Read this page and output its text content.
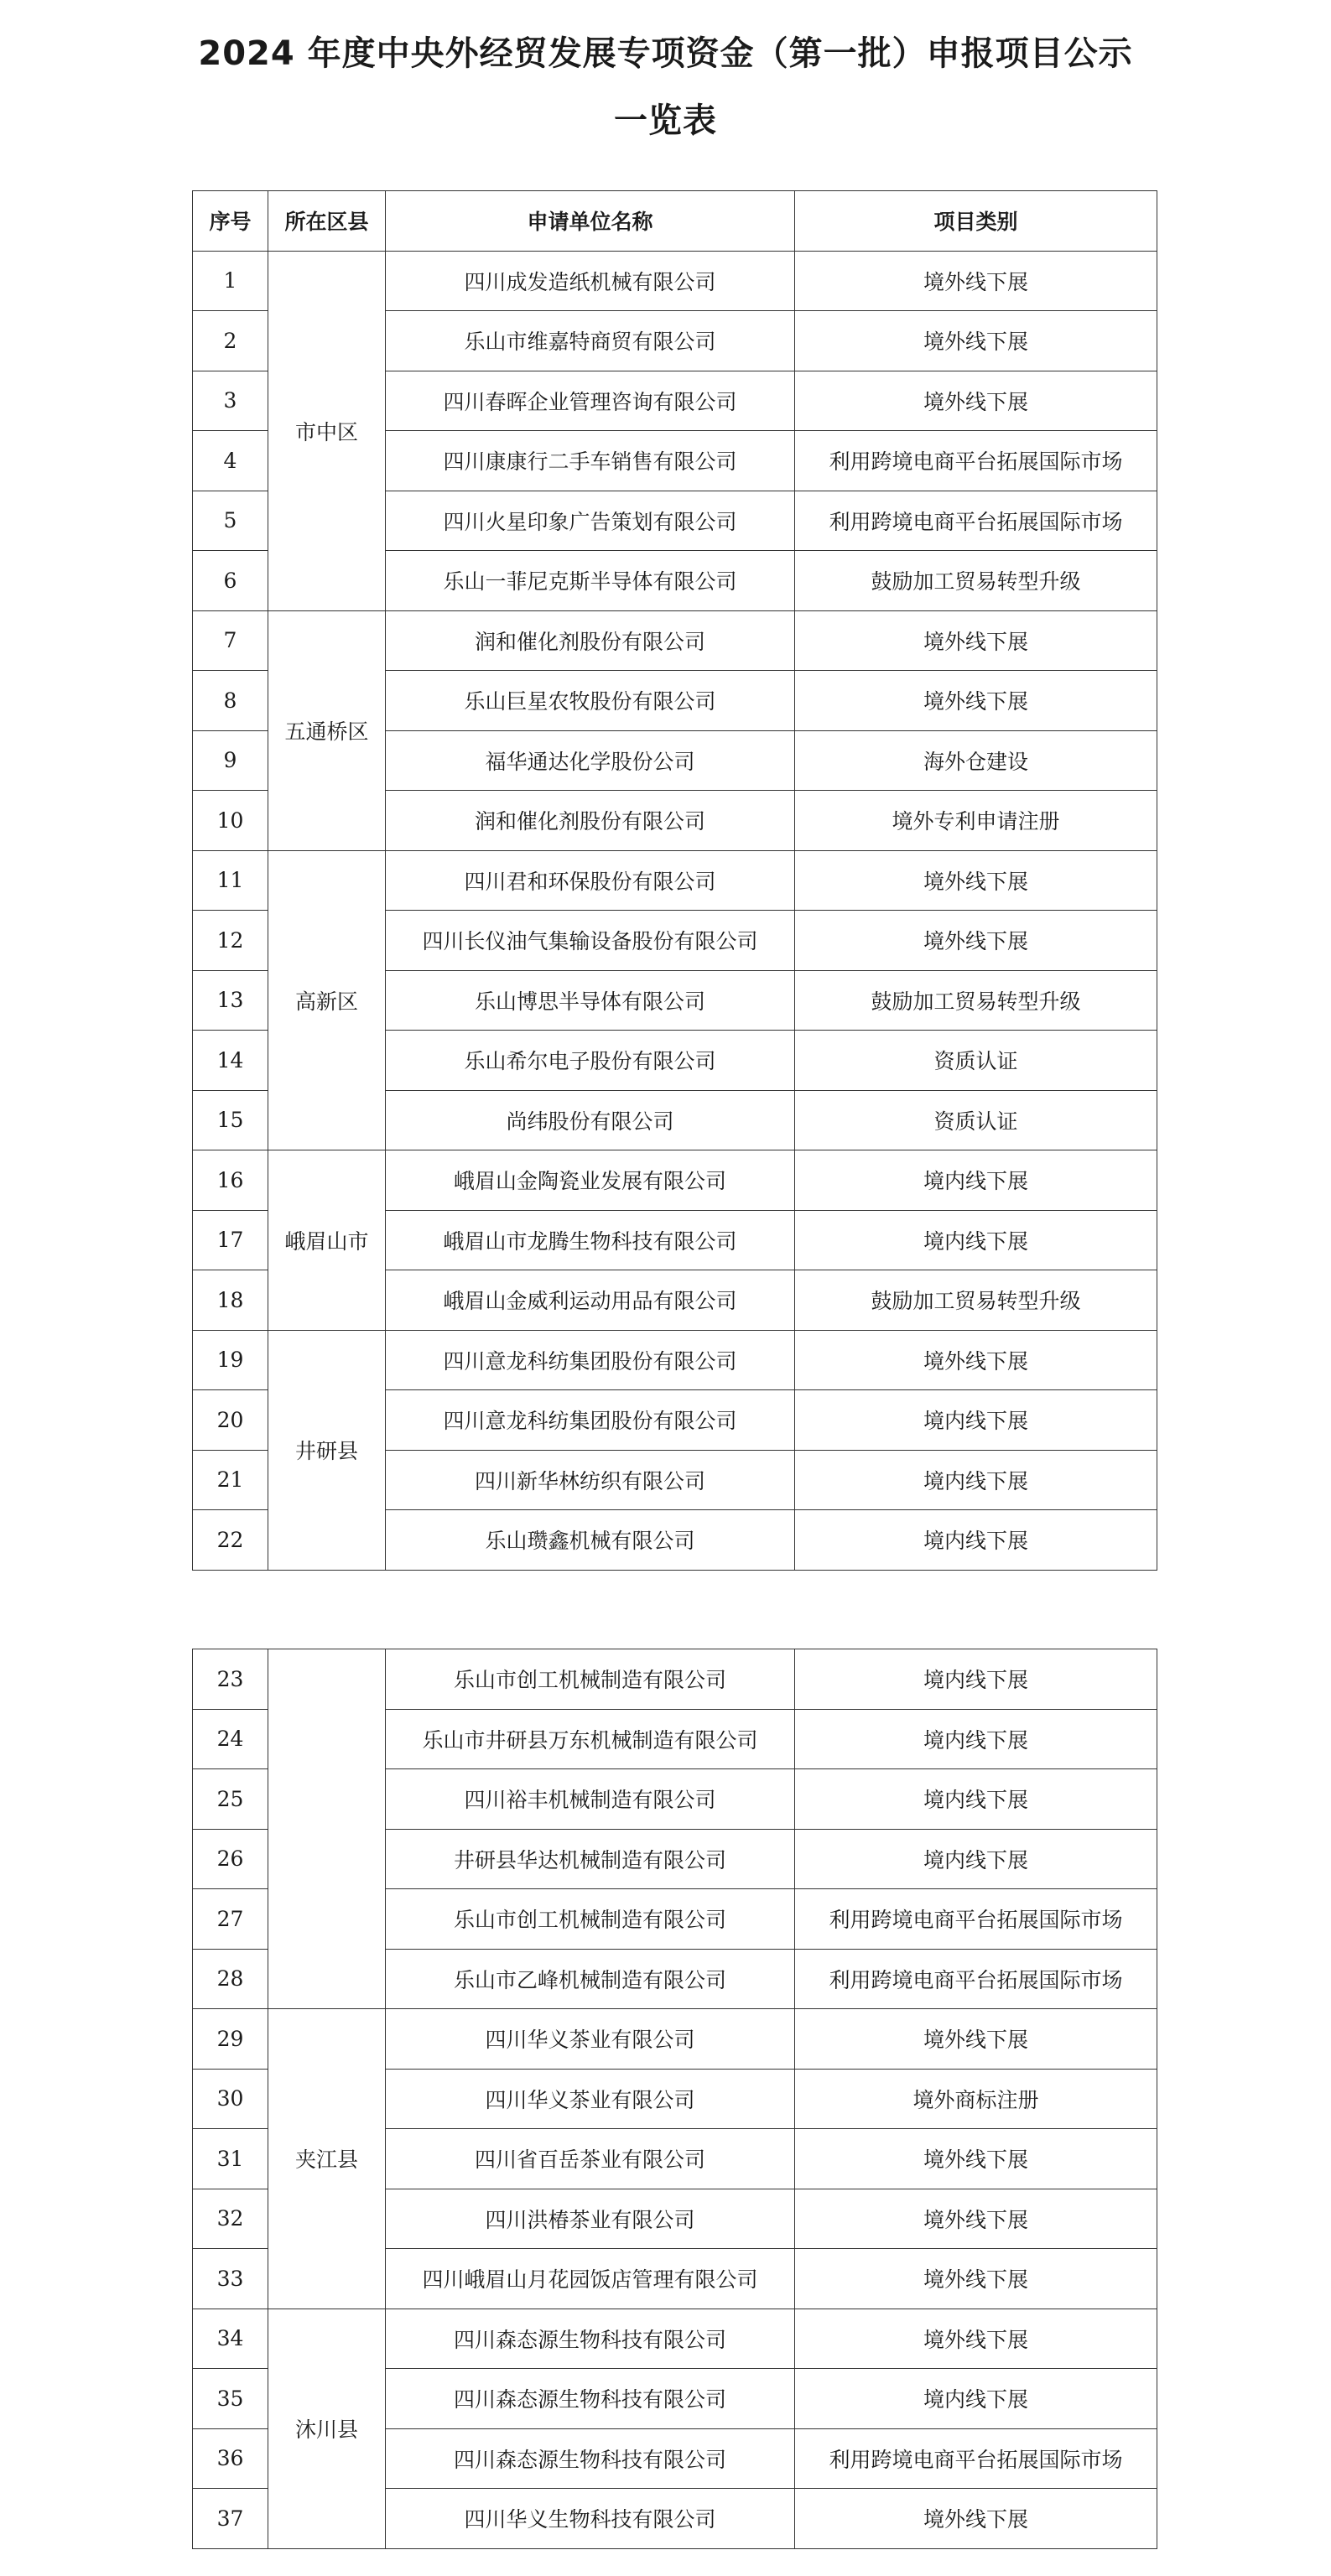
2024 年度中央外经贸发展专项资金（第一批）申报项目公示
一览表
序号	所在区县	申请单位名称	项目类别
1	市中区	四川成发造纸机械有限公司	境外线下展
2		乐山市维嘉特商贸有限公司	境外线下展
3		四川春晖企业管理咨询有限公司	境外线下展
4		四川康康行二手车销售有限公司	利用跨境电商平台拓展国际市场
5		四川火星印象广告策划有限公司	利用跨境电商平台拓展国际市场
6		乐山一菲尼克斯半导体有限公司	鼓励加工贸易转型升级
7	五通桥区	润和催化剂股份有限公司	境外线下展
8		乐山巨星农牧股份有限公司	境外线下展
9		福华通达化学股份公司	海外仓建设
10		润和催化剂股份有限公司	境外专利申请注册
11	高新区	四川君和环保股份有限公司	境外线下展
12		四川长仪油气集输设备股份有限公司	境外线下展
13		乐山博思半导体有限公司	鼓励加工贸易转型升级
14		乐山希尔电子股份有限公司	资质认证
15		尚纬股份有限公司	资质认证
16	峨眉山市	峨眉山金陶瓷业发展有限公司	境内线下展
17		峨眉山市龙腾生物科技有限公司	境内线下展
18		峨眉山金威利运动用品有限公司	鼓励加工贸易转型升级
19	井研县	四川意龙科纺集团股份有限公司	境外线下展
20		四川意龙科纺集团股份有限公司	境内线下展
21		四川新华林纺织有限公司	境内线下展
22		乐山瓒鑫机械有限公司	境内线下展
23		乐山市创工机械制造有限公司	境内线下展
24		乐山市井研县万东机械制造有限公司	境内线下展
25		四川裕丰机械制造有限公司	境内线下展
26		井研县华达机械制造有限公司	境内线下展
27		乐山市创工机械制造有限公司	利用跨境电商平台拓展国际市场
28		乐山市乙峰机械制造有限公司	利用跨境电商平台拓展国际市场
29	夹江县	四川华义茶业有限公司	境外线下展
30		四川华义茶业有限公司	境外商标注册
31		四川省百岳茶业有限公司	境外线下展
32		四川洪椿茶业有限公司	境外线下展
33		四川峨眉山月花园饭店管理有限公司	境外线下展
34	沐川县	四川森态源生物科技有限公司	境外线下展
35		四川森态源生物科技有限公司	境内线下展
36		四川森态源生物科技有限公司	利用跨境电商平台拓展国际市场
37		四川华义生物科技有限公司	境外线下展
